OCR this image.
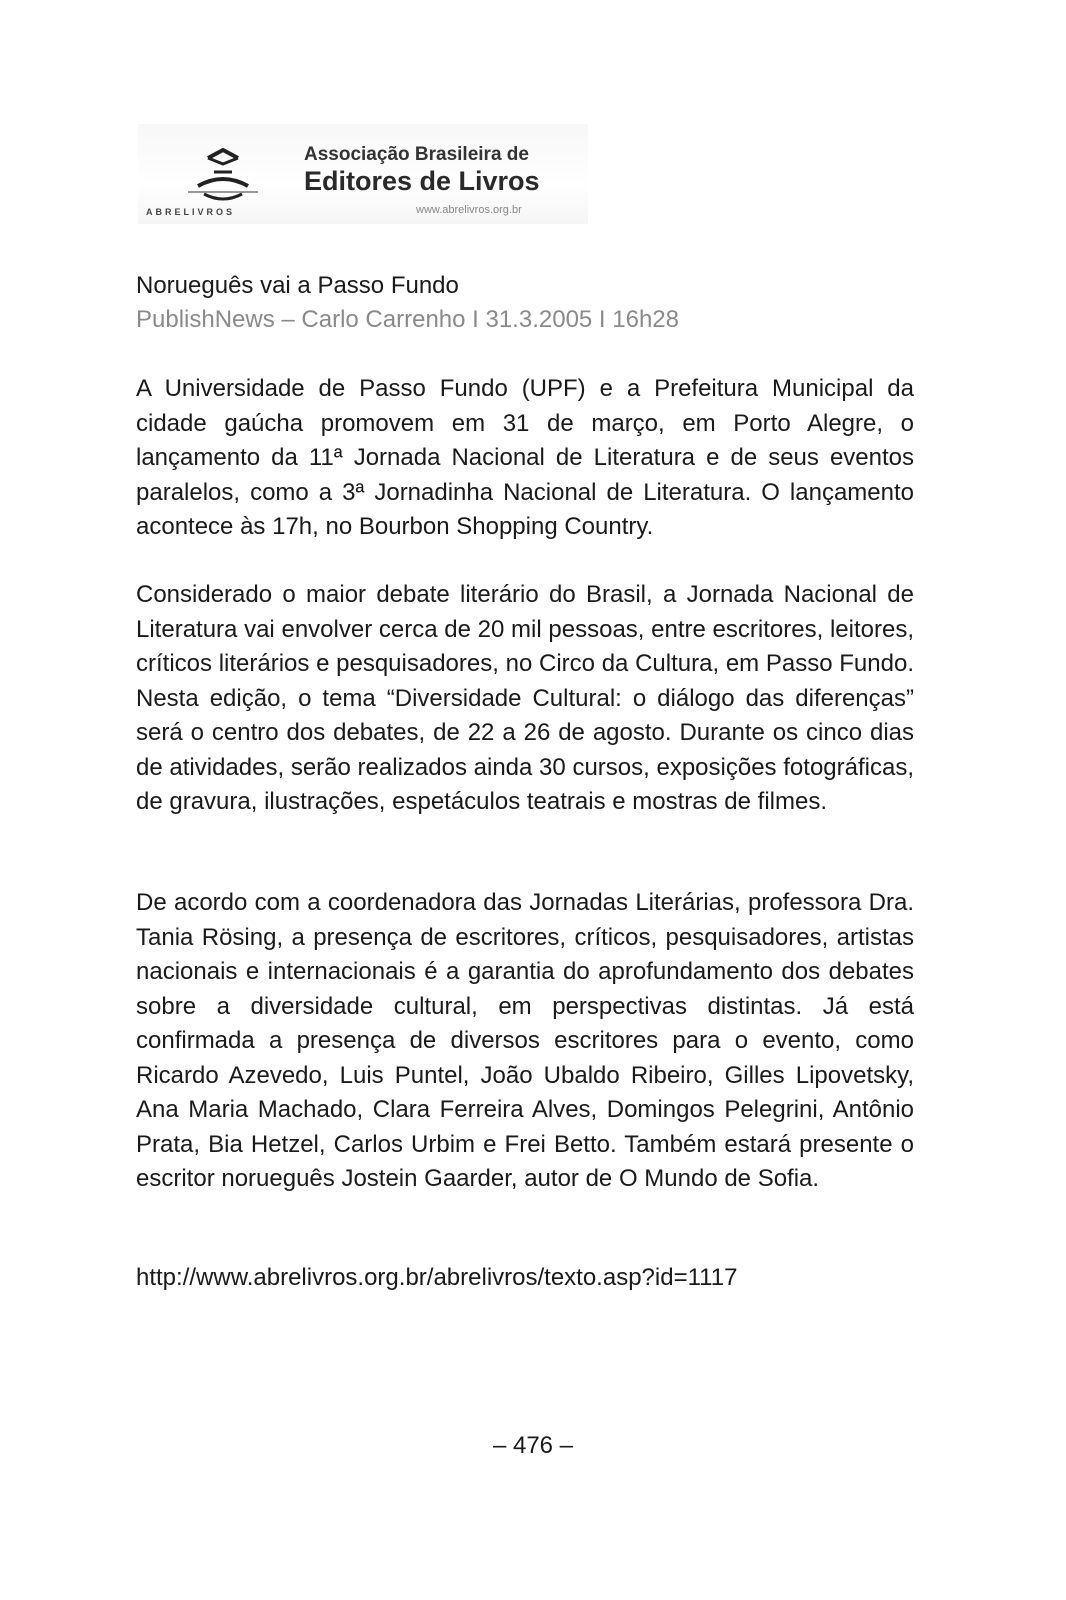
ABRELIVROS
Associação Brasileira de
Editores de Livros
www.abrelivros.org.br
Norueguês vai a Passo Fundo
PublishNews – Carlo Carrenho I 31.3.2005 I 16h28

A Universidade de Passo Fundo (UPF) e a Prefeitura Municipal da cidade gaúcha promovem em 31 de março, em Porto Alegre, o lançamento da 11ª Jornada Nacional de Literatura e de seus eventos paralelos, como a 3ª Jornadinha Nacional de Literatura. O lançamento acontece às 17h, no Bourbon Shopping Country.

Considerado o maior debate literário do Brasil, a Jornada Nacional de Literatura vai envolver cerca de 20 mil pessoas, entre escritores, leitores, críticos literários e pesquisadores, no Circo da Cultura, em Passo Fundo. Nesta edição, o tema “Diversidade Cultural: o diálogo das diferenças” será o centro dos debates, de 22 a 26 de agosto. Durante os cinco dias de atividades, serão realizados ainda 30 cursos, exposições fotográficas, de gravura, ilustrações, espetáculos teatrais e mostras de filmes.

De acordo com a coordenadora das Jornadas Literárias, professora Dra. Tania Rösing, a presença de escritores, críticos, pesquisadores, artistas nacionais e internacionais é a garantia do aprofundamento dos debates sobre a diversidade cultural, em perspectivas distintas. Já está confirmada a presença de diversos escritores para o evento, como Ricardo Azevedo, Luis Puntel, João Ubaldo Ribeiro, Gilles Lipovetsky, Ana Maria Machado, Clara Ferreira Alves, Domingos Pelegrini, Antônio Prata, Bia Hetzel, Carlos Urbim e Frei Betto. Também estará presente o escritor norueguês Jostein Gaarder, autor de O Mundo de Sofia.

http://www.abrelivros.org.br/abrelivros/texto.asp?id=1117
– 476 –
